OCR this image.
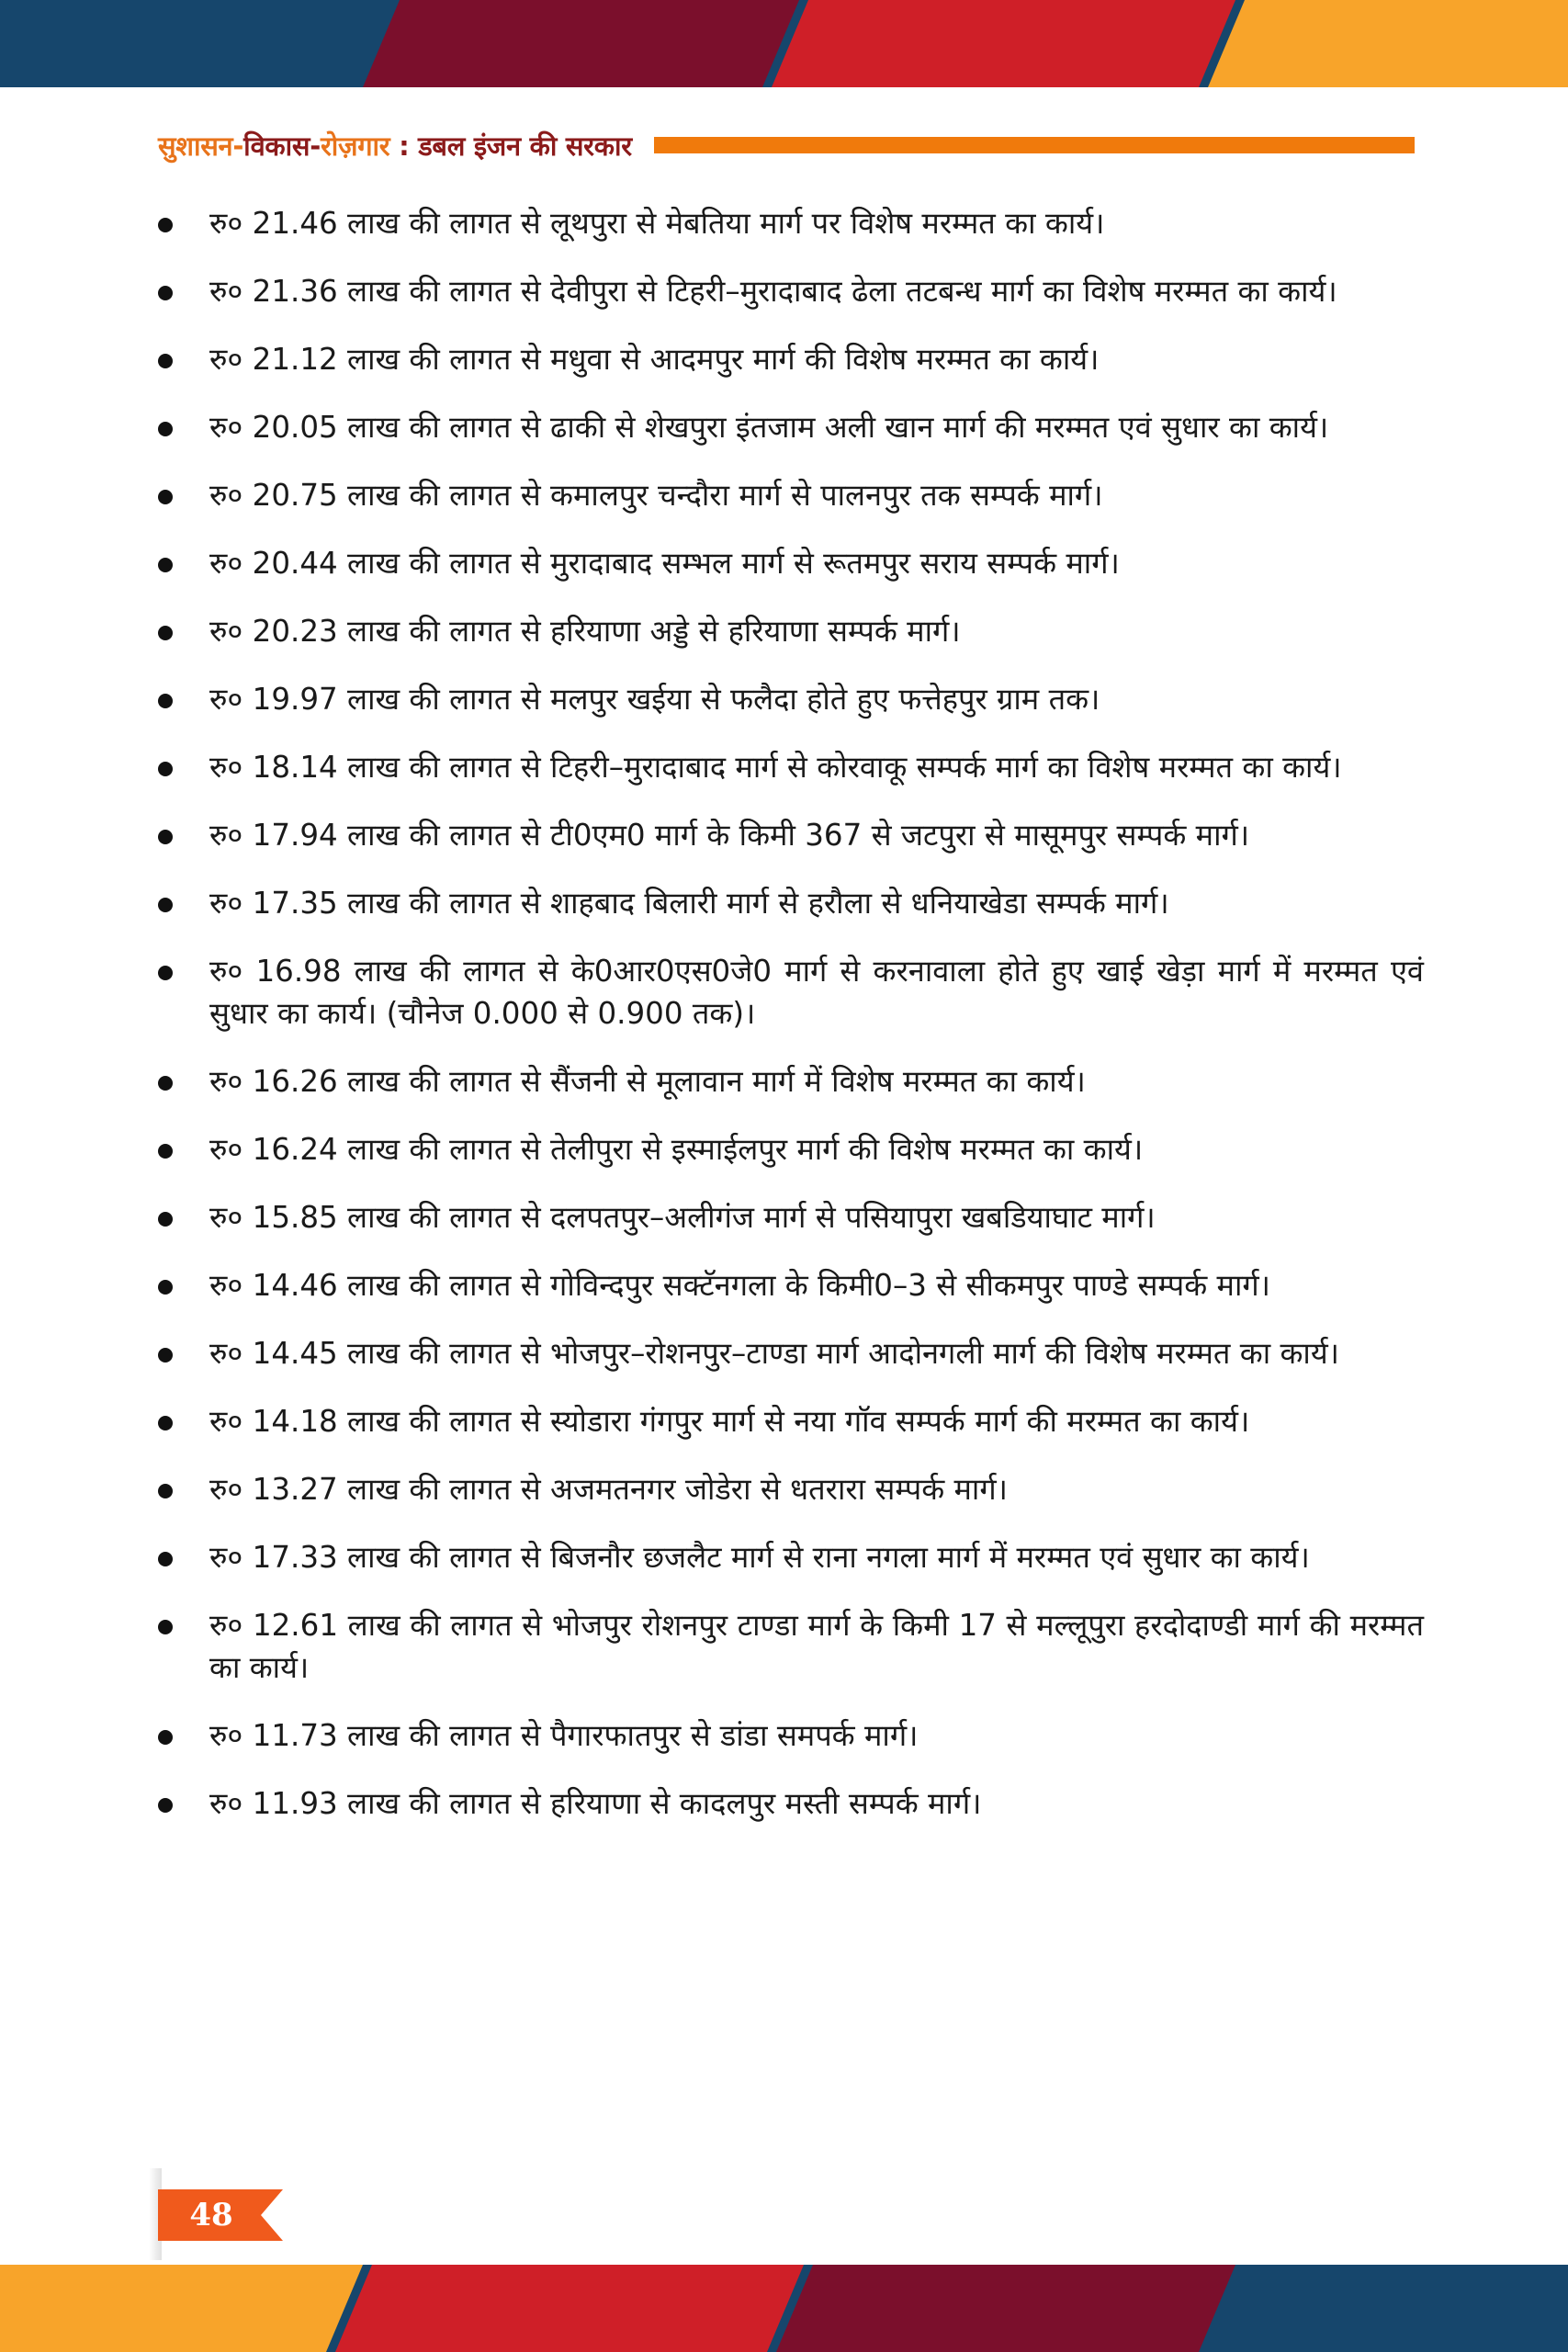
सुशासन-विकास-रोज़गार : डबल इंजन की सरकार
रु० 21.46 लाख की लागत से लूथपुरा से मेबतिया मार्ग पर विशेष मरम्मत का कार्य।
रु० 21.36 लाख की लागत से देवीपुरा से टिहरी–मुरादाबाद ढेला तटबन्ध मार्ग का विशेष मरम्मत का कार्य।
रु० 21.12 लाख की लागत से मधुवा से आदमपुर मार्ग की विशेष मरम्मत का कार्य।
रु० 20.05 लाख की लागत से ढाकी से शेखपुरा इंतजाम अली खान मार्ग की मरम्मत एवं सुधार का कार्य।
रु० 20.75 लाख की लागत से कमालपुर चन्दौरा मार्ग से पालनपुर तक सम्पर्क मार्ग।
रु० 20.44 लाख की लागत से मुरादाबाद सम्भल मार्ग से रूतमपुर सराय सम्पर्क मार्ग।
रु० 20.23 लाख की लागत से हरियाणा अड्डे से हरियाणा सम्पर्क मार्ग।
रु० 19.97 लाख की लागत से मलपुर खईया से फलैदा होते हुए फत्तेहपुर ग्राम तक।
रु० 18.14 लाख की लागत से टिहरी–मुरादाबाद मार्ग से कोरवाकू सम्पर्क मार्ग का विशेष मरम्मत का कार्य।
रु० 17.94 लाख की लागत से टी0एम0 मार्ग के किमी 367 से जटपुरा से मासूमपुर सम्पर्क मार्ग।
रु० 17.35 लाख की लागत से शाहबाद बिलारी मार्ग से हरौला से धनियाखेडा सम्पर्क मार्ग।
रु० 16.98 लाख की लागत से के0आर0एस0जे0 मार्ग से करनावाला होते हुए खाई खेड़ा मार्ग में मरम्मत एवं सुधार का कार्य। (चौनेज 0.000 से 0.900 तक)।
रु० 16.26 लाख की लागत से सैंजनी से मूलावान मार्ग में विशेष मरम्मत का कार्य।
रु० 16.24 लाख की लागत से तेलीपुरा से इस्माईलपुर मार्ग की विशेष मरम्मत का कार्य।
रु० 15.85 लाख की लागत से दलपतपुर–अलीगंज मार्ग से पसियापुरा खबडियाघाट मार्ग।
रु० 14.46 लाख की लागत से गोविन्दपुर सक्टॅनगला के किमी0–3 से सीकमपुर पाण्डे सम्पर्क मार्ग।
रु० 14.45 लाख की लागत से भोजपुर–रोशनपुर–टाण्डा मार्ग आदोनगली मार्ग की विशेष मरम्मत का कार्य।
रु० 14.18 लाख की लागत से स्योडारा गंगपुर मार्ग से नया गॉव सम्पर्क मार्ग की मरम्मत का कार्य।
रु० 13.27 लाख की लागत से अजमतनगर जोडेरा से धतरारा सम्पर्क मार्ग।
रु० 17.33 लाख की लागत से बिजनौर छजलैट मार्ग से राना नगला मार्ग में मरम्मत एवं सुधार का कार्य।
रु० 12.61 लाख की लागत से भोजपुर रोशनपुर टाण्डा मार्ग के किमी 17 से मल्लूपुरा हरदोदाण्डी मार्ग की मरम्मत का कार्य।
रु० 11.73 लाख की लागत से पैगारफातपुर से डांडा समपर्क मार्ग।
रु० 11.93 लाख की लागत से हरियाणा से कादलपुर मस्ती सम्पर्क मार्ग।
48
